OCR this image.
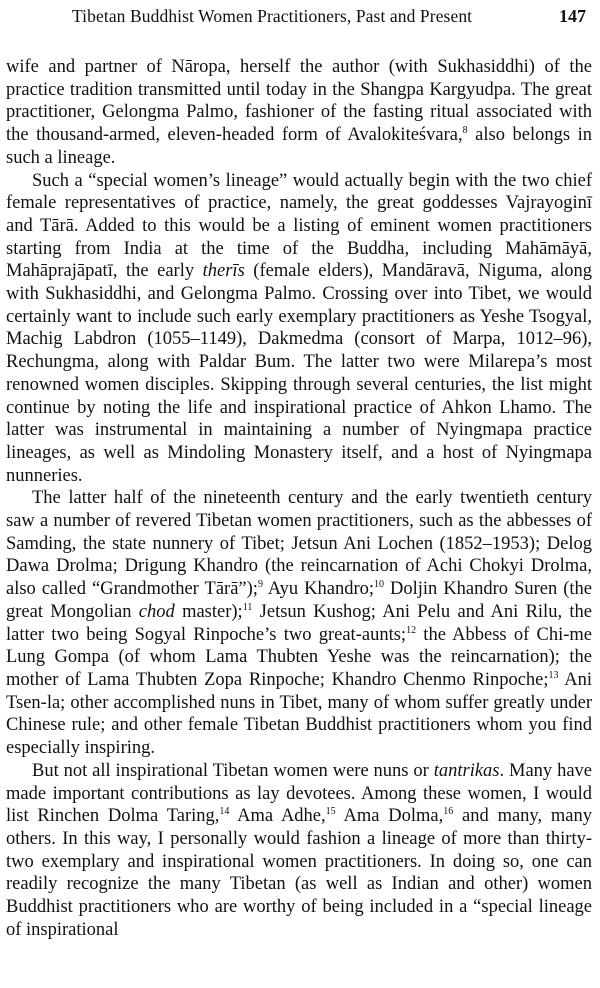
Tibetan Buddhist Women Practitioners, Past and Present	147

wife and partner of Nāropa, herself the author (with Sukhasiddhi) of the practice tradition transmitted until today in the Shangpa Kargyudpa. The great practitioner, Gelongma Palmo, fashioner of the fasting ritual associated with the thousand-armed, eleven-headed form of Avalokiteśvara,$^8$ also belongs in such a lineage.

Such a “special women’s lineage” would actually begin with the two chief female representatives of practice, namely, the great goddesses Vajrayoginī and Tārā. Added to this would be a listing of eminent women practitioners starting from India at the time of the Buddha, including Mahāmāyā, Mahāprajāpatī, the early therīs (female elders), Mandāravā, Niguma, along with Sukhasiddhi, and Gelongma Palmo. Crossing over into Tibet, we would certainly want to include such early exemplary practitioners as Yeshe Tsogyal, Machig Labdron (1055–1149), Dakmedma (consort of Marpa, 1012–96), Rechungma, along with Paldar Bum. The latter two were Milarepa’s most renowned women disciples. Skipping through several centuries, the list might continue by noting the life and inspirational practice of Ahkon Lhamo. The latter was instrumental in maintaining a number of Nyingmapa practice lineages, as well as Mindoling Monastery itself, and a host of Nyingmapa nunneries.

The latter half of the nineteenth century and the early twentieth century saw a number of revered Tibetan women practitioners, such as the abbesses of Samding, the state nunnery of Tibet; Jetsun Ani Lochen (1852–1953); Delog Dawa Drolma; Drigung Khandro (the reincarnation of Achi Chokyi Drolma, also called “Grandmother Tārā”);$^9$ Ayu Khandro;$^{10}$ Doljin Khandro Suren (the great Mongolian chod master);$^{11}$ Jetsun Kushog; Ani Pelu and Ani Rilu, the latter two being Sogyal Rinpoche’s two great-aunts;$^{12}$ the Abbess of Chi-me Lung Gompa (of whom Lama Thubten Yeshe was the reincarnation); the mother of Lama Thubten Zopa Rinpoche; Khandro Chenmo Rinpoche;$^{13}$ Ani Tsen-la; other accomplished nuns in Tibet, many of whom suffer greatly under Chinese rule; and other female Tibetan Buddhist practitioners whom you find especially inspiring.

But not all inspirational Tibetan women were nuns or tantrikas. Many have made important contributions as lay devotees. Among these women, I would list Rinchen Dolma Taring,$^{14}$ Ama Adhe,$^{15}$ Ama Dolma,$^{16}$ and many, many others. In this way, I personally would fashion a lineage of more than thirty-two exemplary and inspirational women practitioners. In doing so, one can readily recognize the many Tibetan (as well as Indian and other) women Buddhist practitioners who are worthy of being included in a “special lineage of inspirational
